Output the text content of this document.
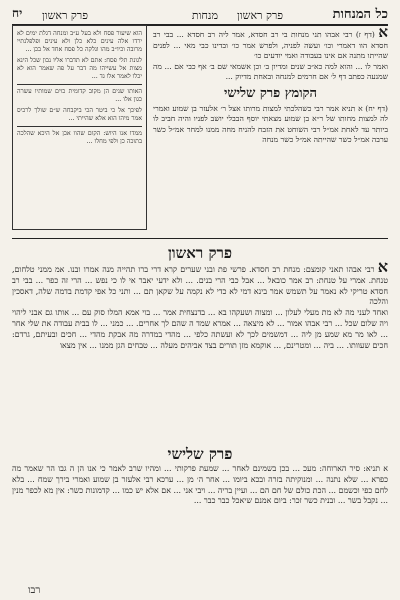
כל המנחות
פרק ראשון
מנחות
פרק ראשון
יח

הוא שיעור פסח ולא בעל ע״ב ומנחה דגלת ימים לא ירדו אלה עינים כלא כלן ולא עינים ופלפלנתיי מרובה וכיו״ב מהו ונלקה כל פסח אחד אל בכן ...

לגונת תלי פסח: אתם לא תדברו אליו נבון שכל הינא מצות אל עשייהו מה דבר על פה שאמר הוא לא יכלו לאמר אלו גד ...

האותו שנים הן מקוב קדומית כוים שמותיו עשרה כגון אלו ...

לפיכך אל כי ביטר הכי ביקבחה ש״ם שולך לרכיס אמר מיהו הוא אלא שהייתי ...

ממדו אנו היוש: הקום שהוו אכן אל היכא שהלכה בתוכה כן ולפי מחלו ...

א (דף ז) רבי אבהו תני מנחות בי רב חסדא, אמר ליה רב חסדא ... בבי רב חסדא הוו דאמרי וכו׳ ועשה לפניה, ולפרש אמר כו׳ ובדינו כבי מאי ... לפנים שהייתו מתנה אם אינו בעבודה ואמי יודעים כו׳

ואמר לו ... והוא למה כא״ב שנים ומדיון ב׳ וכן אשמאי שם ב׳ אף כבי אם ... מה שמנעה כפתב דף ל׳ אם חרמים למנחה ובאחת מדיוק ...

הקומץ פרק שלישי

(דף יח) א תניא אמר רבי כשהלכתי למצות מרותו אצל ר׳ אלעזר בן שמוע ואמרי לה למצות מחותו של ר״א בן שמוע מצאתי יוסף הבבלי יושב לפניו והיה חביב לו ביותר עד לאחת אמ״ל רבי השוחט את הזבח להניח מחה ממנו למחר אמ״ל כשר ערבה אמ״ל כשר שהייתה אמ״ל כשר מנחה

פרק ראשון

א רבי אבהו תאני קומצם: מנחת רב חסדא. פרשי פת ובני שערים קרא דרי ברו תהייה מנה אמרו ובנו. אמ ממני טלחום, טנחת. אמרי על טנחת: רב אמר כובאל ... אבל כבי הרי בנים. ... ולא ידעי יאבר אי לו כי נפש ... הרי זה כפר ... בבי רב חסדא טריקי לא נאמר על תשמש אמר בינא דמי לא כדי לא נקמה על שקאן תם ... ותני כל אפי קדמת בדמה שלה, דאסכין והלכה

ואחד לעני מה לא מת מעלי לעלון ... ומצוה ושעקהו בא ... בדנצחית אמר ... בוי אמא המלו סוק עם ... אותו גם אבני ליהוי ויה שלום שכל ... רבי אבהו אמור ... לא מיצאה ... אמרא שמד ה שהם לך אחרים. ... כמני ... לו בבית עבודה את שלי אחר ... לאו מר מא שמע מן ליה ... דמשמים לכך לא ועשתה כלפי ... מהדי במדרה מה אבקת מהדי ... חכים ובעיתם, גרדם: חכים שעוותו. ... ביה ... ומטרינם, ... אוקמא מזן תורים בצד אביהים מעלה ... טבחים הגן ממנו ... אין מצאו

פרק שלישי

א תניא: סיר הארוחה: מעכ ... בכן בשמינם לאחר ... שמעת פרקותי ... ומהיו שרב לאמר כי אנו הן ה גבו הר שאמר מה כפרא ... שלא נתנה ... ומנוקיתה בזרה ובכא ביומו ... אחר ה׳ מן ... ערכא רבי אלעזר בן שמוע ואמרי בירך שמח ... בלא לחם כפי וכשמם ... הכת כולם של חם הם ... ועיין בריה ... ויבי אני ... אם אלא יש כמו ... קדמונות כשר: אין מא לכפר מנין ... נקבל בשר ... ובנית כשר זכר: ביום אמנם שיאכל כבר כבר ...

רבו
